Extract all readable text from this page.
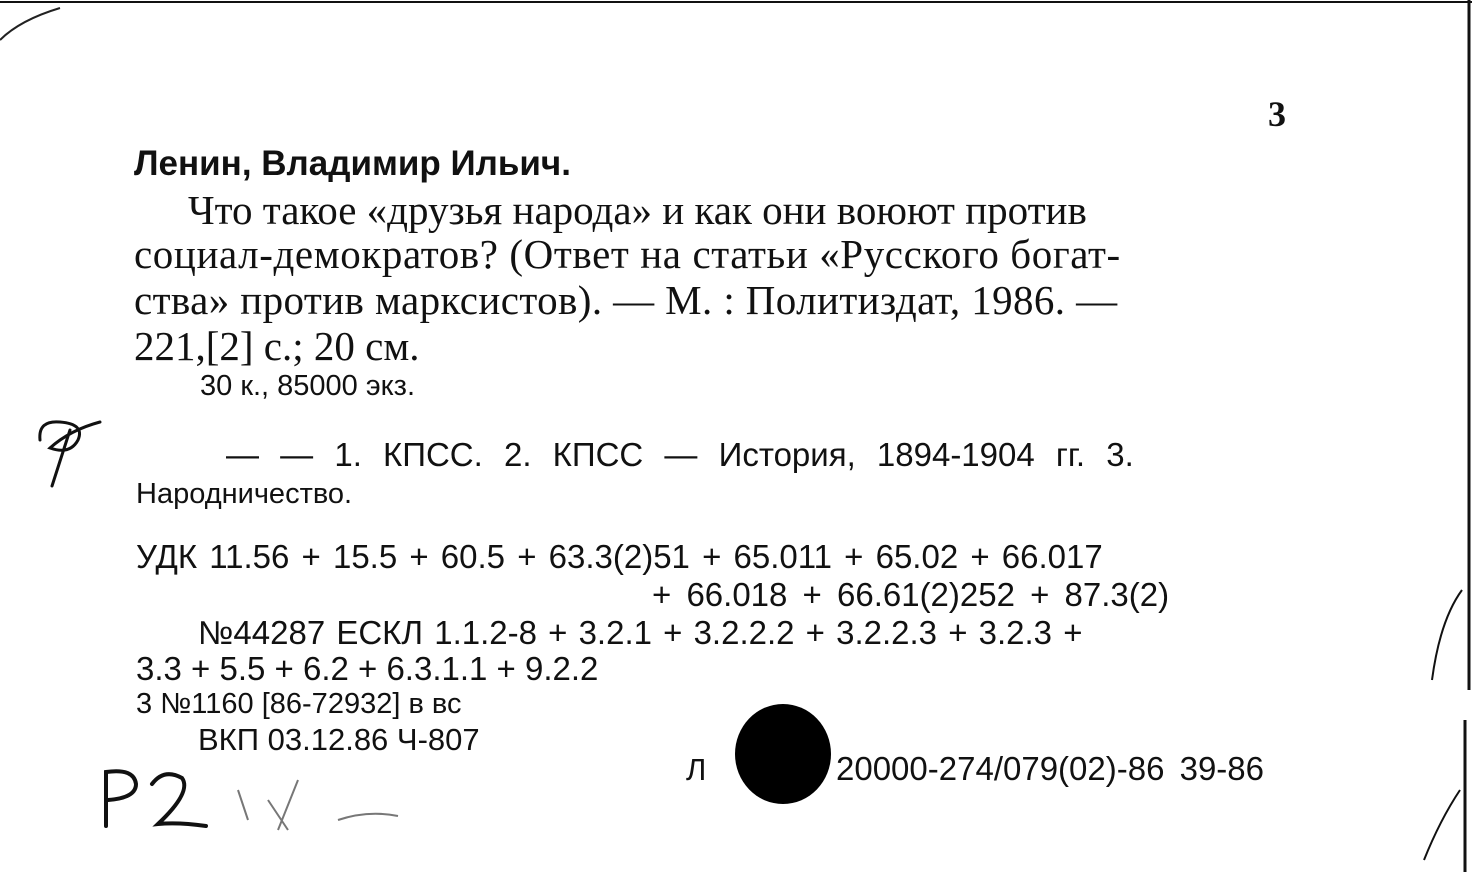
3
Ленин, Владимир Ильич.
Что такое «друзья народа» и как они воюют против
социал-демократов? (Ответ на статьи «Русского богат-
ства» против марксистов). — М. : Политиздат, 1986. —
221,[2] с.; 20 см.
30 к., 85000 экз.
— — 1. КПСС. 2. КПСС — История, 1894-1904 гг. 3.
Народничество.
УДК 11.56 + 15.5 + 60.5 + 63.3(2)51 + 65.011 + 65.02 + 66.017
+ 66.018 + 66.61(2)252 + 87.3(2)
№44287 ЕСКЛ 1.1.2-8 + 3.2.1 + 3.2.2.2 + 3.2.2.3 + 3.2.3 +
3.3 + 5.5 + 6.2 + 6.3.1.1 + 9.2.2
3 №1160 [86-72932] в вс
ВКП 03.12.86 Ч-807
Л	20000-274/079(02)-86 39-86
